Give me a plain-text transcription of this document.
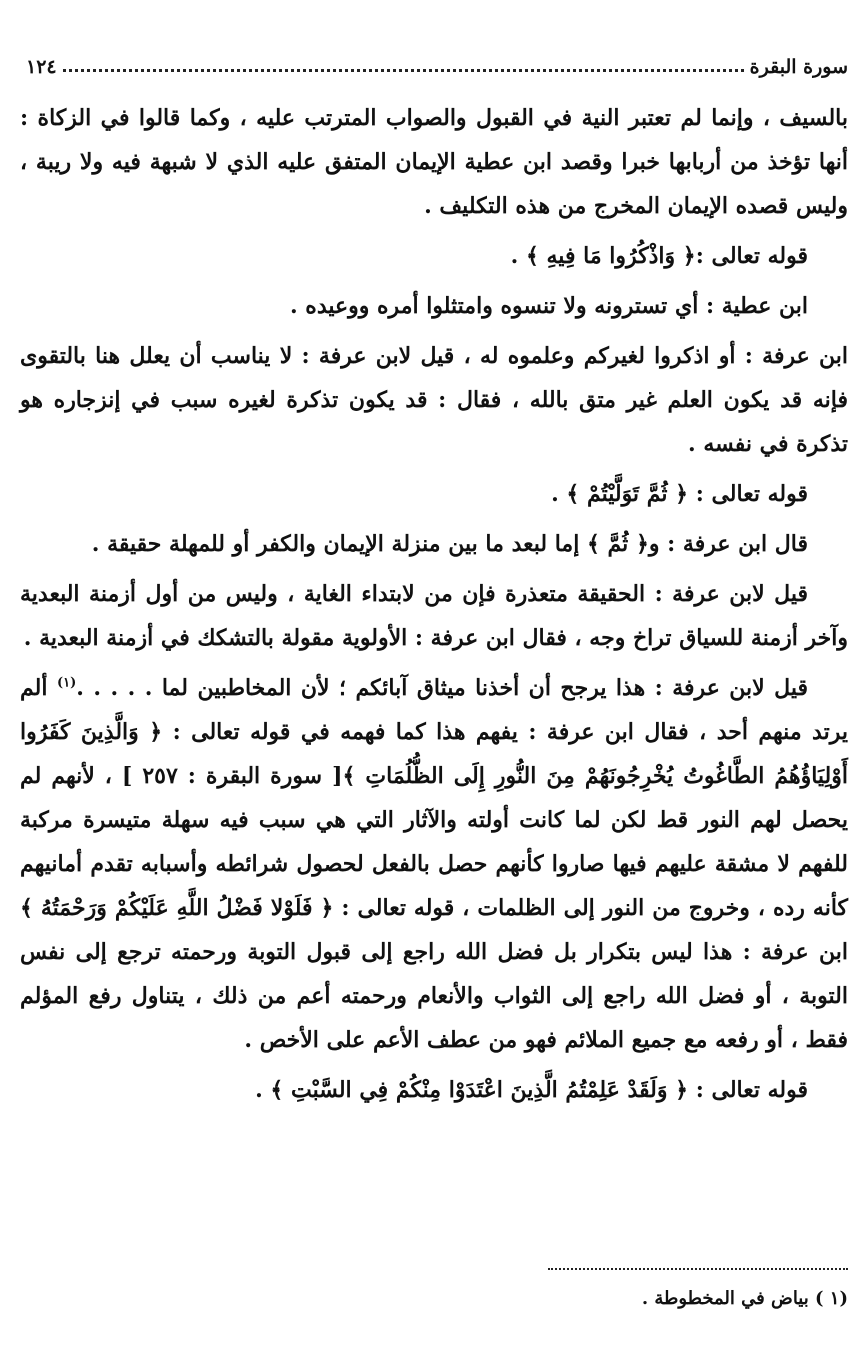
سورة البقرة
١٢٤

بالسيف ، وإنما لم تعتبر النية في القبول والصواب المترتب عليه ، وكما قالوا في الزكاة : أنها تؤخذ من أربابها خبرا وقصد ابن عطية الإيمان المتفق عليه الذي لا شبهة فيه ولا ريبة ، وليس قصده الإيمان المخرج من هذه التكليف .

قوله تعالى :﴿ وَاذْكُرُوا مَا فِيهِ ﴾ .

ابن عطية : أي تسترونه ولا تنسوه وامتثلوا أمره ووعيده .

ابن عرفة : أو اذكروا لغيركم وعلموه له ، قيل لابن عرفة : لا يناسب أن يعلل هنا بالتقوى فإنه قد يكون العلم غير متق بالله ، فقال : قد يكون تذكرة لغيره سبب في إنزجاره هو تذكرة في نفسه .

قوله تعالى : ﴿ ثُمَّ تَوَلَّيْتُمْ ﴾ .

قال ابن عرفة : و﴿ ثُمَّ ﴾ إما لبعد ما بين منزلة الإيمان والكفر أو للمهلة حقيقة .

قيل لابن عرفة : الحقيقة متعذرة فإن من لابتداء الغاية ، وليس من أول أزمنة البعدية وآخر أزمنة للسياق تراخ وجه ، فقال ابن عرفة : الأولوية مقولة بالتشكك في أزمنة البعدية .

قيل لابن عرفة : هذا يرجح أن أخذنا ميثاق آبائكم ؛ لأن المخاطبين لما . . . . .$^{(١)}$ ألم يرتد منهم أحد ، فقال ابن عرفة : يفهم هذا كما فهمه في قوله تعالى : ﴿ وَالَّذِينَ كَفَرُوا أَوْلِيَاؤُهُمُ الطَّاغُوتُ يُخْرِجُونَهُمْ مِنَ النُّورِ إِلَى الظُّلُمَاتِ ﴾[ سورة البقرة : ٢٥٧ ] ، لأنهم لم يحصل لهم النور قط لكن لما كانت أولته والآثار التي هي سبب فيه سهلة متيسرة مركبة للفهم لا مشقة عليهم فيها صاروا كأنهم حصل بالفعل لحصول شرائطه وأسبابه تقدم أمانيهم كأنه رده ، وخروج من النور إلى الظلمات ، قوله تعالى : ﴿ فَلَوْلا فَضْلُ اللَّهِ عَلَيْكُمْ وَرَحْمَتُهُ ﴾ ابن عرفة : هذا ليس بتكرار بل فضل الله راجع إلى قبول التوبة ورحمته ترجع إلى نفس التوبة ، أو فضل الله راجع إلى الثواب والأنعام ورحمته أعم من ذلك ، يتناول رفع المؤلم فقط ، أو رفعه مع جميع الملائم فهو من عطف الأعم على الأخص .

قوله تعالى : ﴿ وَلَقَدْ عَلِمْتُمُ الَّذِينَ اعْتَدَوْا مِنْكُمْ فِي السَّبْتِ ﴾ .

(١ ) بياض في المخطوطة .
